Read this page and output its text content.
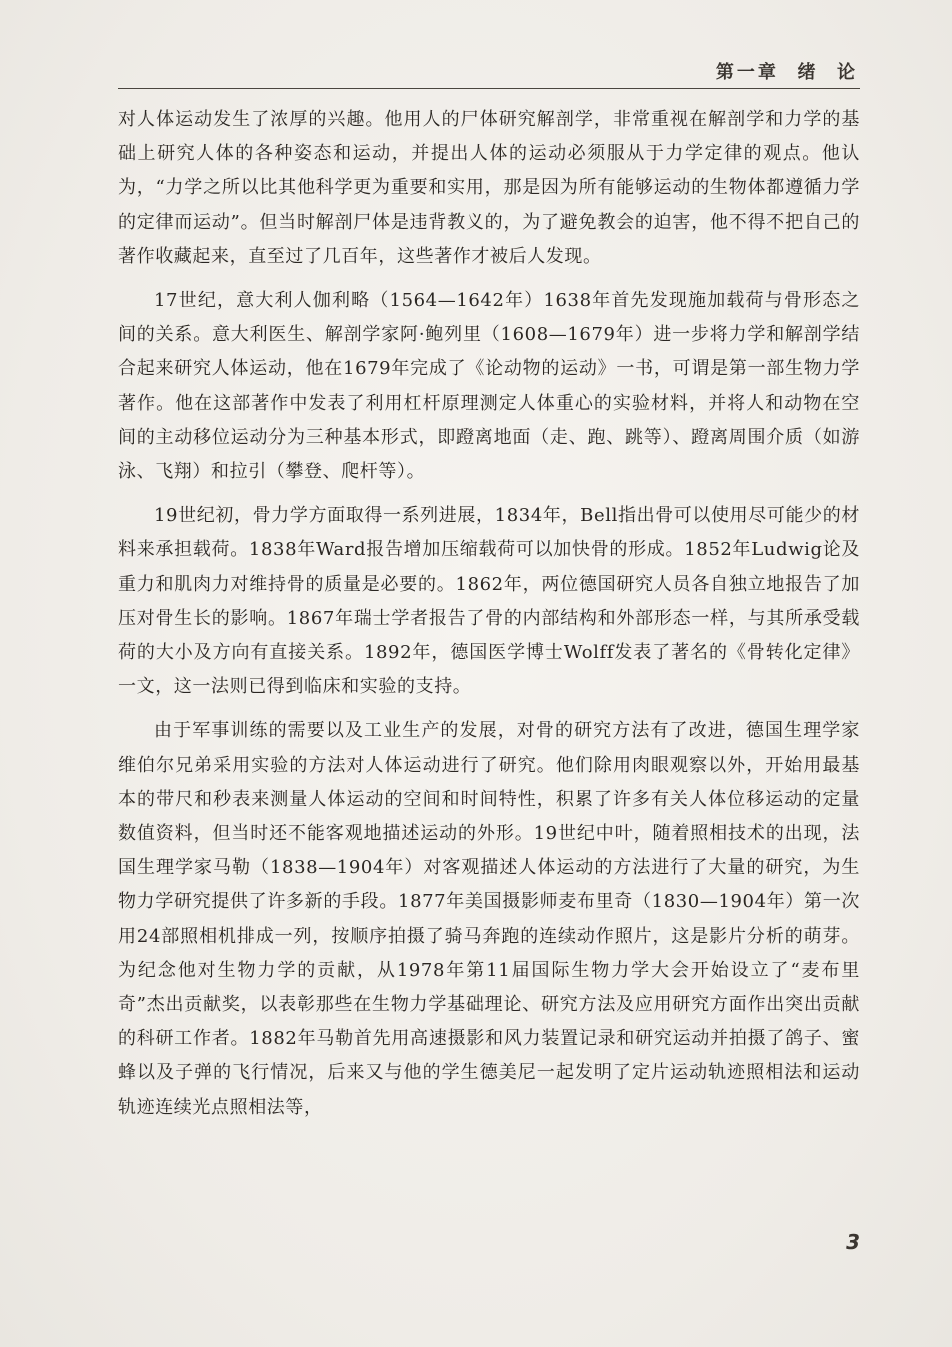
第一章  绪  论

对人体运动发生了浓厚的兴趣。他用人的尸体研究解剖学，非常重视在解剖学和力学的基础上研究人体的各种姿态和运动，并提出人体的运动必须服从于力学定律的观点。他认为，“力学之所以比其他科学更为重要和实用，那是因为所有能够运动的生物体都遵循力学的定律而运动”。但当时解剖尸体是违背教义的，为了避免教会的迫害，他不得不把自己的著作收藏起来，直至过了几百年，这些著作才被后人发现。

17世纪，意大利人伽利略（1564—1642年）1638年首先发现施加载荷与骨形态之间的关系。意大利医生、解剖学家阿·鲍列里（1608—1679年）进一步将力学和解剖学结合起来研究人体运动，他在1679年完成了《论动物的运动》一书，可谓是第一部生物力学著作。他在这部著作中发表了利用杠杆原理测定人体重心的实验材料，并将人和动物在空间的主动移位运动分为三种基本形式，即蹬离地面（走、跑、跳等）、蹬离周围介质（如游泳、飞翔）和拉引（攀登、爬杆等）。

19世纪初，骨力学方面取得一系列进展，1834年，Bell指出骨可以使用尽可能少的材料来承担载荷。1838年Ward报告增加压缩载荷可以加快骨的形成。1852年Ludwig论及重力和肌肉力对维持骨的质量是必要的。1862年，两位德国研究人员各自独立地报告了加压对骨生长的影响。1867年瑞士学者报告了骨的内部结构和外部形态一样，与其所承受载荷的大小及方向有直接关系。1892年，德国医学博士Wolff发表了著名的《骨转化定律》一文，这一法则已得到临床和实验的支持。

由于军事训练的需要以及工业生产的发展，对骨的研究方法有了改进，德国生理学家维伯尔兄弟采用实验的方法对人体运动进行了研究。他们除用肉眼观察以外，开始用最基本的带尺和秒表来测量人体运动的空间和时间特性，积累了许多有关人体位移运动的定量数值资料，但当时还不能客观地描述运动的外形。19世纪中叶，随着照相技术的出现，法国生理学家马勒（1838—1904年）对客观描述人体运动的方法进行了大量的研究，为生物力学研究提供了许多新的手段。1877年美国摄影师麦布里奇（1830—1904年）第一次用24部照相机排成一列，按顺序拍摄了骑马奔跑的连续动作照片，这是影片分析的萌芽。为纪念他对生物力学的贡献，从1978年第11届国际生物力学大会开始设立了“麦布里奇”杰出贡献奖，以表彰那些在生物力学基础理论、研究方法及应用研究方面作出突出贡献的科研工作者。1882年马勒首先用高速摄影和风力装置记录和研究运动并拍摄了鸽子、蜜蜂以及子弹的飞行情况，后来又与他的学生德美尼一起发明了定片运动轨迹照相法和运动轨迹连续光点照相法等，

3
